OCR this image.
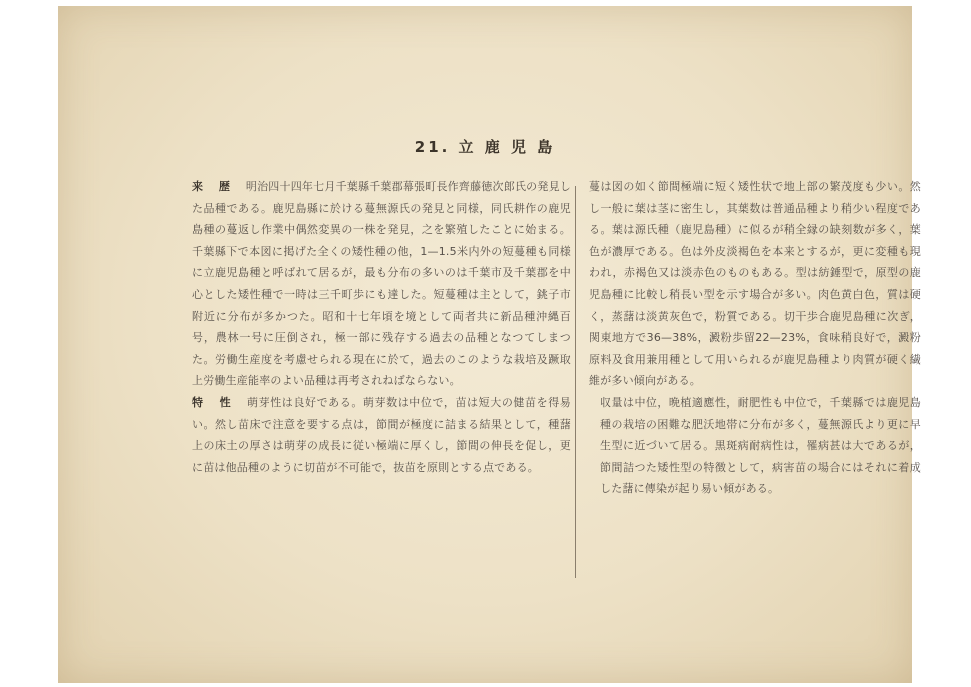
21. 立 鹿 児 島

来 歴 明治四十四年七月千葉縣千葉郡幕張町長作齊藤徳次郎氏の発見した品種である。鹿児島縣に於ける蔓無源氏の発見と同様，同氏耕作の鹿児島種の蔓返し作業中偶然変異の一株を発見，之を繁殖したことに始まる。千葉縣下で本図に掲げた全くの矮性種の他，1—1.5米内外の短蔓種も同様に立鹿児島種と呼ばれて居るが，最も分布の多いのは千葉市及千葉郡を中心とした矮性種で一時は三千町歩にも達した。短蔓種は主として，銚子市附近に分布が多かつた。昭和十七年頃を境として両者共に新品種沖縄百号，農林一号に圧倒され，極一部に残存する過去の品種となつてしまつた。労働生産度を考慮せられる現在に於て，過去のこのような栽培及蹶取上労働生産能率のよい品種は再考されねばならない。

特 性 萌芽性は良好である。萌芽数は中位で，苗は短大の健苗を得易い。然し苗床で注意を要する点は，節間が極度に詰まる結果として，種藷上の床土の厚さは萌芽の成長に従い極端に厚くし，節間の伸長を促し，更に苗は他品種のように切苗が不可能で，抜苗を原則とする点である。

蔓は図の如く節間極端に短く矮性状で地上部の繁茂度も少い。然し一般に葉は茎に密生し，其葉数は普通品種より稍少い程度である。葉は源氏種（鹿児島種）に似るが稍全縁の缺刻数が多く，葉色が濃厚である。色は外皮淡褐色を本来とするが，更に変種も現われ，赤褐色又は淡赤色のものもある。型は紡錘型で，原型の鹿児島種に比較し稍長い型を示す場合が多い。肉色黄白色，質は硬く，蒸藷は淡黄灰色で，粉質である。切干歩合鹿児島種に次ぎ，関東地方で36—38%，澱粉歩留22—23%，食味稍良好で，澱粉原料及食用兼用種として用いられるが鹿児島種より肉質が硬く繊維が多い傾向がある。

収量は中位，晩植適應性，耐肥性も中位で，千葉縣では鹿児島種の栽培の困難な肥沃地帯に分布が多く，蔓無源氏より更に早生型に近づいて居る。黒斑病耐病性は，罹病甚は大であるが，節間詰つた矮性型の特徴として，病害苗の場合にはそれに着成した藷に傳染が起り易い傾がある。
